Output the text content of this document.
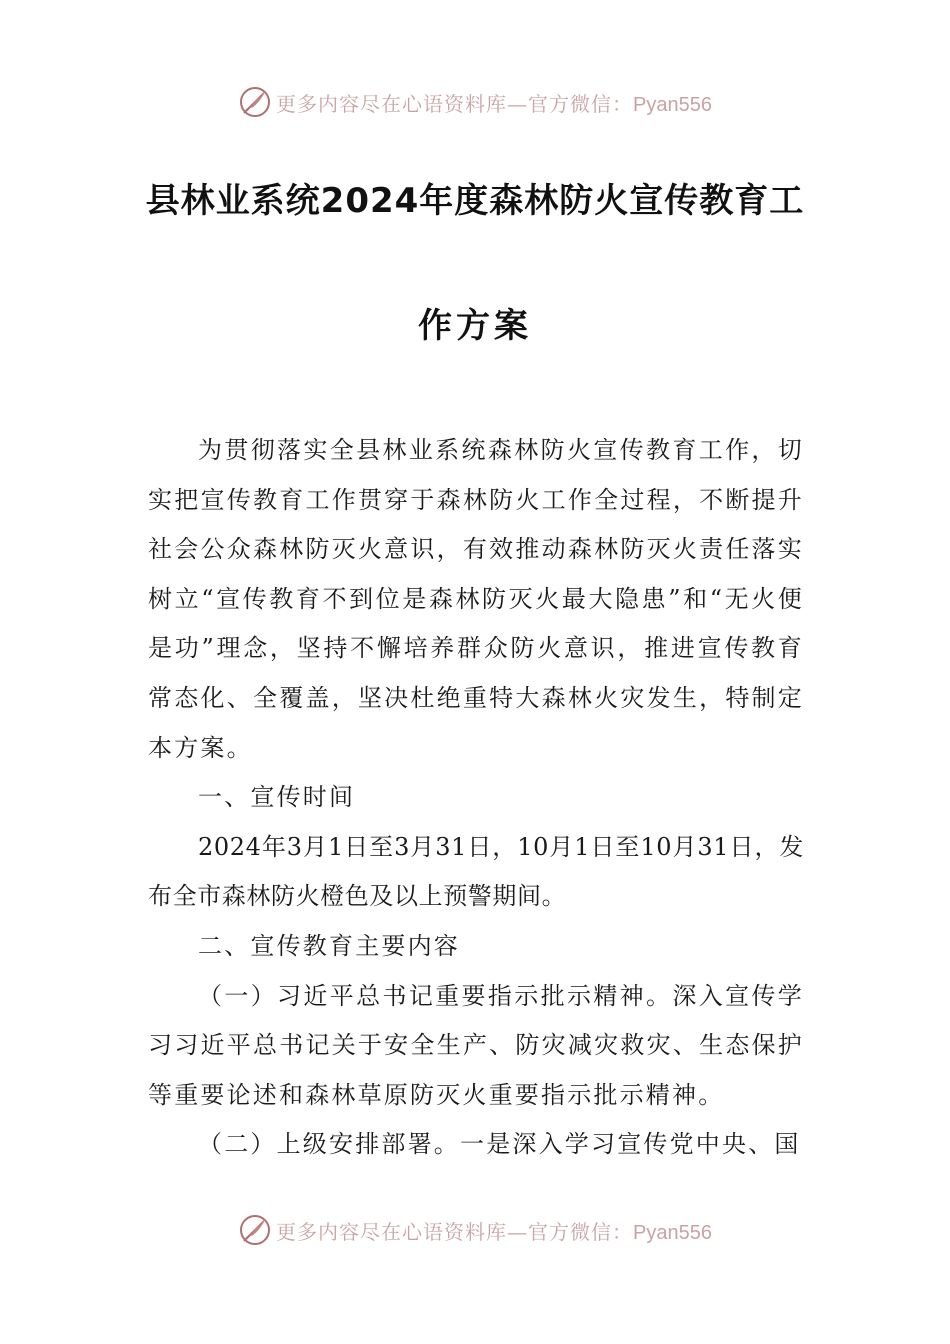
更多内容尽在心语资料库—官方微信：Pyan556
县林业系统2024年度森林防火宣传教育工
作方案

为贯彻落实全县林业系统森林防火宣传教育工作，切实把宣传教育工作贯穿于森林防火工作全过程，不断提升社会公众森林防灭火意识，有效推动森林防灭火责任落实树立“宣传教育不到位是森林防灭火最大隐患”和“无火便是功”理念，坚持不懈培养群众防火意识，推进宣传教育常态化、全覆盖，坚决杜绝重特大森林火灾发生，特制定本方案。

一、宣传时间

2024年3月1日至3月31日，10月1日至10月31日，发布全市森林防火橙色及以上预警期间。

二、宣传教育主要内容

（一）习近平总书记重要指示批示精神。深入宣传学习习近平总书记关于安全生产、防灾减灾救灾、生态保护等重要论述和森林草原防灭火重要指示批示精神。

（二）上级安排部署。一是深入学习宣传党中央、国

更多内容尽在心语资料库—官方微信：Pyan556
